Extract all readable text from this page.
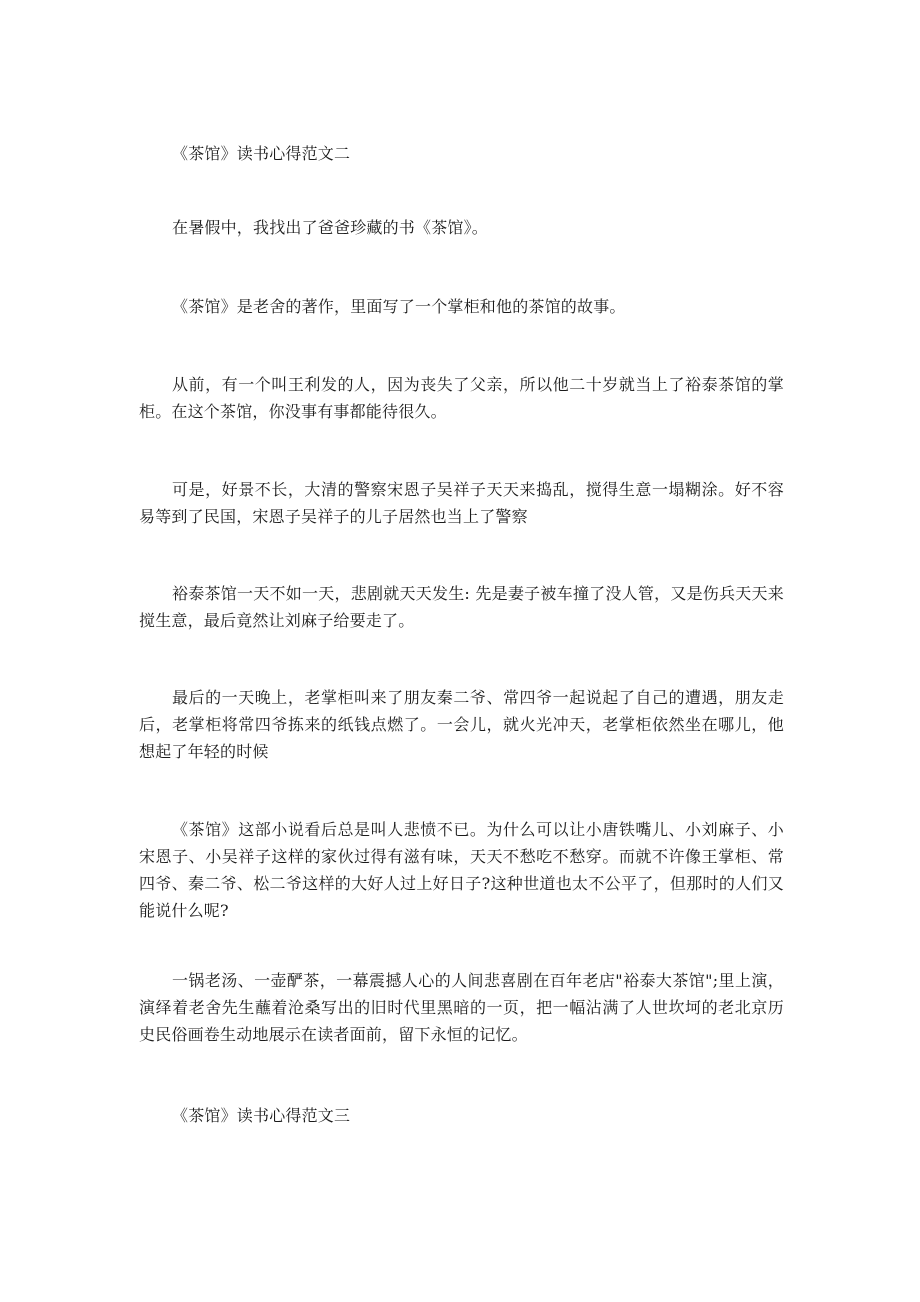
《茶馆》读书心得范文二

在暑假中，我找出了爸爸珍藏的书《茶馆》。

《茶馆》是老舍的著作，里面写了一个掌柜和他的茶馆的故事。

从前，有一个叫王利发的人，因为丧失了父亲，所以他二十岁就当上了裕泰茶馆的掌柜。在这个茶馆，你没事有事都能待很久。

可是，好景不长，大清的警察宋恩子吴祥子天天来捣乱，搅得生意一塌糊涂。好不容易等到了民国，宋恩子吴祥子的儿子居然也当上了警察

裕泰茶馆一天不如一天，悲剧就天天发生: 先是妻子被车撞了没人管，又是伤兵天天来搅生意，最后竟然让刘麻子给要走了。

最后的一天晚上，老掌柜叫来了朋友秦二爷、常四爷一起说起了自己的遭遇，朋友走后，老掌柜将常四爷拣来的纸钱点燃了。一会儿，就火光冲天，老掌柜依然坐在哪儿，他想起了年轻的时候

《茶馆》这部小说看后总是叫人悲愤不已。为什么可以让小唐铁嘴儿、小刘麻子、小宋恩子、小吴祥子这样的家伙过得有滋有味，天天不愁吃不愁穿。而就不许像王掌柜、常四爷、秦二爷、松二爷这样的大好人过上好日子?这种世道也太不公平了，但那时的人们又能说什么呢?

一锅老汤、一壶酽茶，一幕震撼人心的人间悲喜剧在百年老店"裕泰大茶馆";里上演，演绎着老舍先生蘸着沧桑写出的旧时代里黑暗的一页，把一幅沾满了人世坎坷的老北京历史民俗画卷生动地展示在读者面前，留下永恒的记忆。

《茶馆》读书心得范文三
